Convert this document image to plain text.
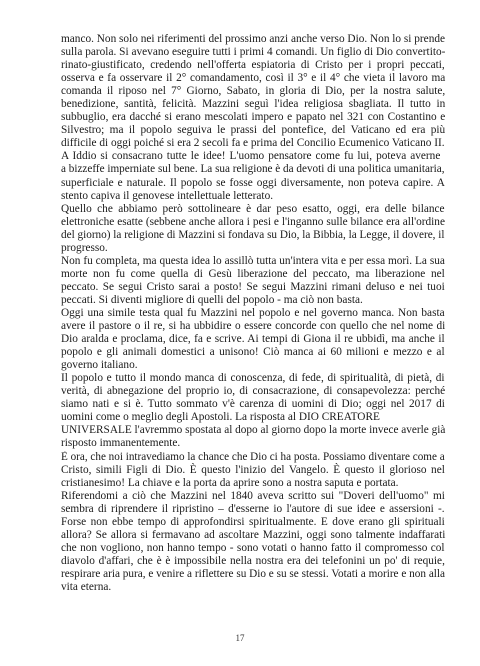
manco. Non solo nei riferimenti del prossimo anzi anche verso Dio. Non lo si prende
sulla parola. Si avevano eseguire tutti i primi 4 comandi. Un figlio di Dio convertito-
rinato-giustificato, credendo nell'offerta espiatoria di Cristo per i propri peccati,
osserva e fa osservare il 2° comandamento, così il 3° e il 4° che vieta il lavoro ma
comanda il riposo nel 7° Giorno, Sabato, in gloria di Dio, per la nostra salute,
benedizione, santità, felicità. Mazzini seguì l'idea religiosa sbagliata. Il tutto in
subbuglio, era dacché si erano mescolati impero e papato nel 321 con Costantino e
Silvestro; ma il popolo seguiva le prassi del pontefice, del Vaticano ed era più
difficile di oggi poiché si era 2 secoli fa e prima del Concilio Ecumenico Vaticano II.
A Iddio si consacrano tutte le idee! L'uomo pensatore come fu lui, poteva averne
a bizzeffe imperniate sul bene. La sua religione è da devoti di una politica umanitaria,
superficiale e naturale. Il popolo se fosse oggi diversamente, non poteva capire. A
stento capiva il genovese intellettuale letterato.
Quello che abbiamo però sottolineare è dar peso esatto, oggi, era delle bilance
elettroniche esatte (sebbene anche allora i pesi e l'inganno sulle bilance era all'ordine
del giorno) la religione di Mazzini si fondava su Dio, la Bibbia, la Legge, il dovere, il
progresso.
Non fu completa, ma questa idea lo assillò tutta un'intera vita e per essa morì. La sua
morte non fu come quella di Gesù liberazione del peccato, ma liberazione nel
peccato. Se segui Cristo sarai a posto! Se segui Mazzini rimani deluso e nei tuoi
peccati. Si diventi migliore di quelli del popolo - ma ciò non basta.
Oggi una simile testa qual fu Mazzini nel popolo e nel governo manca. Non basta
avere il pastore o il re, si ha ubbidire o essere concorde con quello che nel nome di
Dio aralda e proclama, dice, fa e scrive. Ai tempi di Giona il re ubbidì, ma anche il
popolo e gli animali domestici a unisono! Ciò manca ai 60 milioni e mezzo e al
governo italiano.
Il popolo e tutto il mondo manca di conoscenza, di fede, di spiritualità, di pietà, di
verità, di abnegazione del proprio io, di consacrazione, di consapevolezza: perché
siamo nati e si è. Tutto sommato v'è carenza di uomini di Dio; oggi nel 2017 di
uomini come o meglio degli Apostoli. La risposta al DIO CREATORE
UNIVERSALE l'avremmo spostata al dopo al giorno dopo la morte invece averle già
risposto immanentemente.
È ora, che noi intravediamo la chance che Dio ci ha posta. Possiamo diventare come a
Cristo, simili Figli di Dio. È questo l'inizio del Vangelo. È questo il glorioso nel
cristianesimo! La chiave e la porta da aprire sono a nostra saputa e portata.
Riferendomi a ciò che Mazzini nel 1840 aveva scritto sui "Doveri dell'uomo" mi
sembra di riprendere il ripristino – d'esserne io l'autore di sue idee e assersioni -.
Forse non ebbe tempo di approfondirsi spiritualmente. E dove erano gli spirituali
allora? Se allora si fermavano ad ascoltare Mazzini, oggi sono talmente indaffarati
che non vogliono, non hanno tempo - sono votati o hanno fatto il compromesso col
diavolo d'affari, che è è impossibile nella nostra era dei telefonini un po' di requie,
respirare aria pura, e venire a riflettere su Dio e su se stessi. Votati a morire e non alla
vita eterna.
17
